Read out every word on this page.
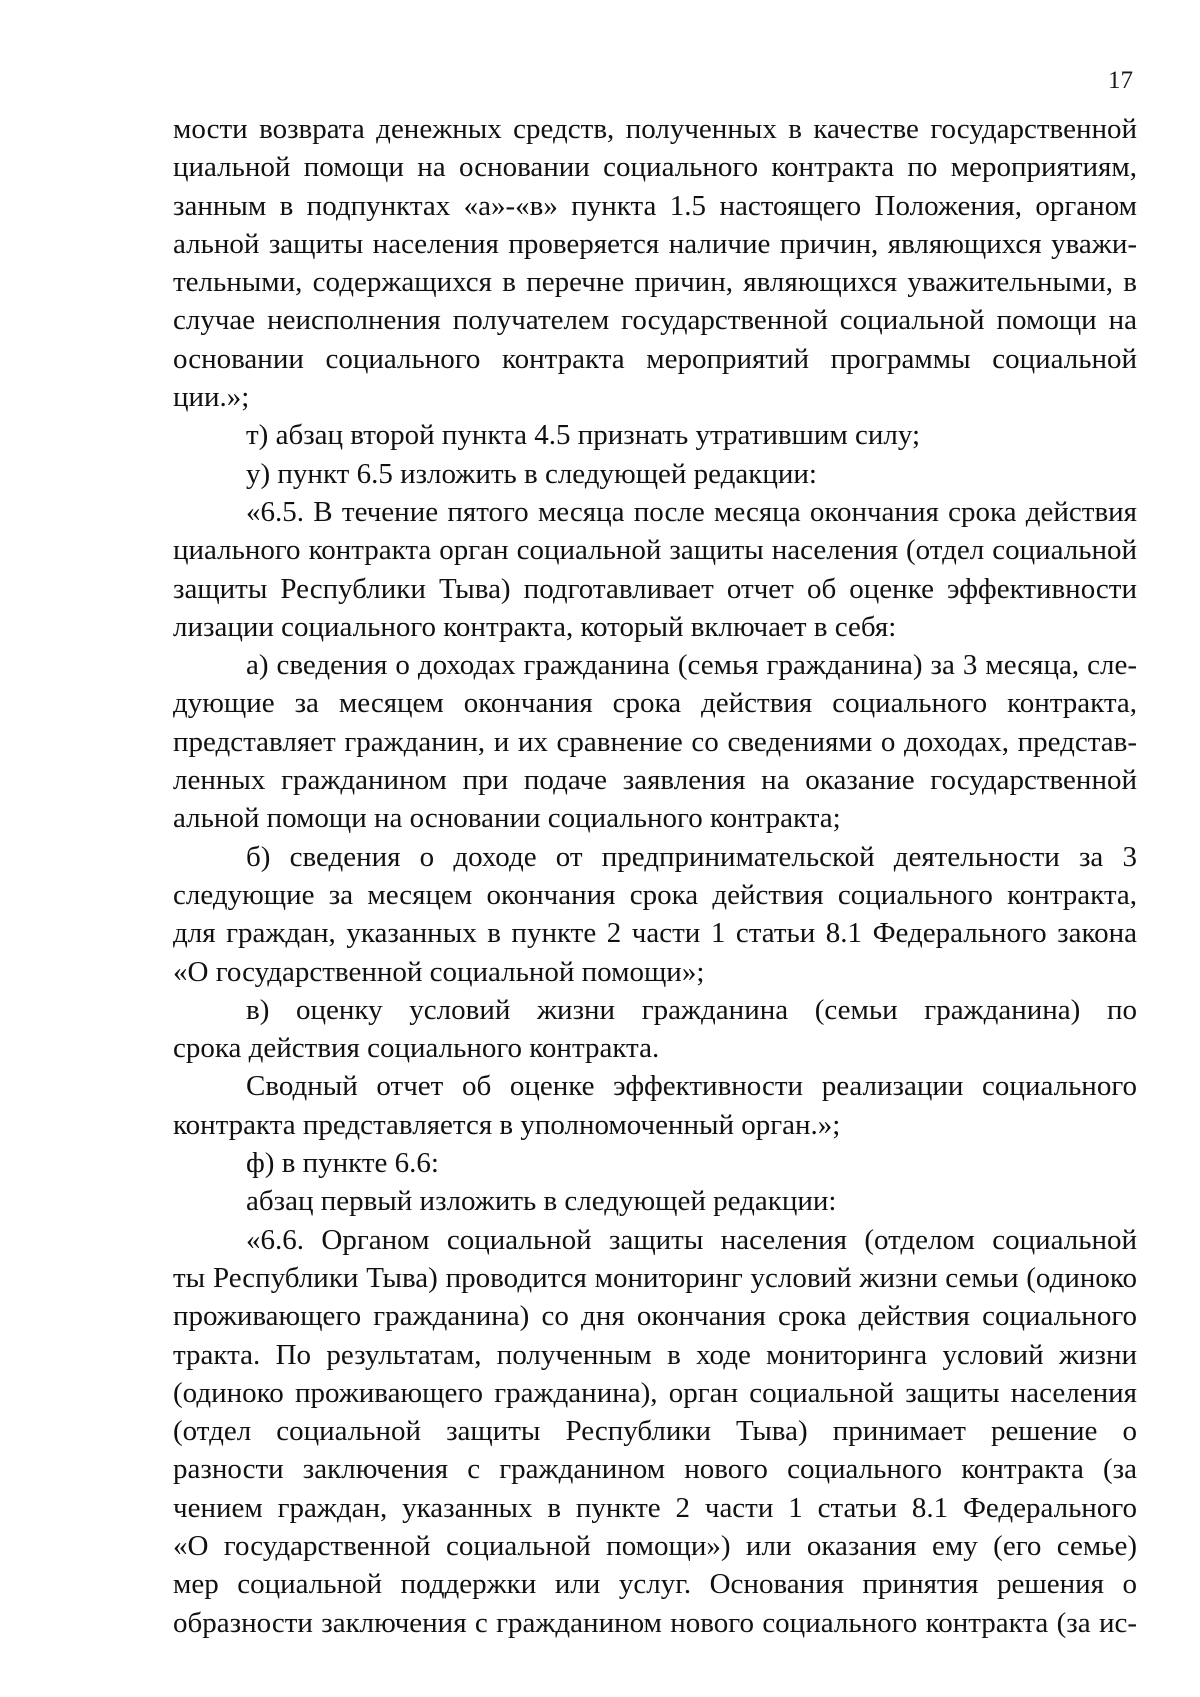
17
мости возврата денежных средств, полученных в качестве государственной
циальной помощи на основании социального контракта по мероприятиям,
занным в подпунктах «а»-«в» пункта 1.5 настоящего Положения, органом
альной защиты населения проверяется наличие причин, являющихся уважи-
тельными, содержащихся в перечне причин, являющихся уважительными, в
случае неисполнения получателем государственной социальной помощи на
основании социального контракта мероприятий программы социальной
ции.»;
т) абзац второй пункта 4.5 признать утратившим силу;
у) пункт 6.5 изложить в следующей редакции:
«6.5. В течение пятого месяца после месяца окончания срока действия
циального контракта орган социальной защиты населения (отдел социальной
защиты Республики Тыва) подготавливает отчет об оценке эффективности
лизации социального контракта, который включает в себя:
а) сведения о доходах гражданина (семья гражданина) за 3 месяца, сле-
дующие за месяцем окончания срока действия социального контракта,
представляет гражданин, и их сравнение со сведениями о доходах, представ-
ленных гражданином при подаче заявления на оказание государственной
альной помощи на основании социального контракта;
б) сведения о доходе от предпринимательской деятельности за 3
следующие за месяцем окончания срока действия социального контракта,
для граждан, указанных в пункте 2 части 1 статьи 8.1 Федерального закона
«О государственной социальной помощи»;
в) оценку условий жизни гражданина (семьи гражданина) по
срока действия социального контракта.
Сводный отчет об оценке эффективности реализации социального
контракта представляется в уполномоченный орган.»;
ф) в пункте 6.6:
абзац первый изложить в следующей редакции:
«6.6. Органом социальной защиты населения (отделом социальной
ты Республики Тыва) проводится мониторинг условий жизни семьи (одиноко
проживающего гражданина) со дня окончания срока действия социального
тракта. По результатам, полученным в ходе мониторинга условий жизни
(одиноко проживающего гражданина), орган социальной защиты населения
(отдел социальной защиты Республики Тыва) принимает решение о
разности заключения с гражданином нового социального контракта (за
чением граждан, указанных в пункте 2 части 1 статьи 8.1 Федерального
«О государственной социальной помощи») или оказания ему (его семье)
мер социальной поддержки или услуг. Основания принятия решения о
образности заключения с гражданином нового социального контракта (за ис-
